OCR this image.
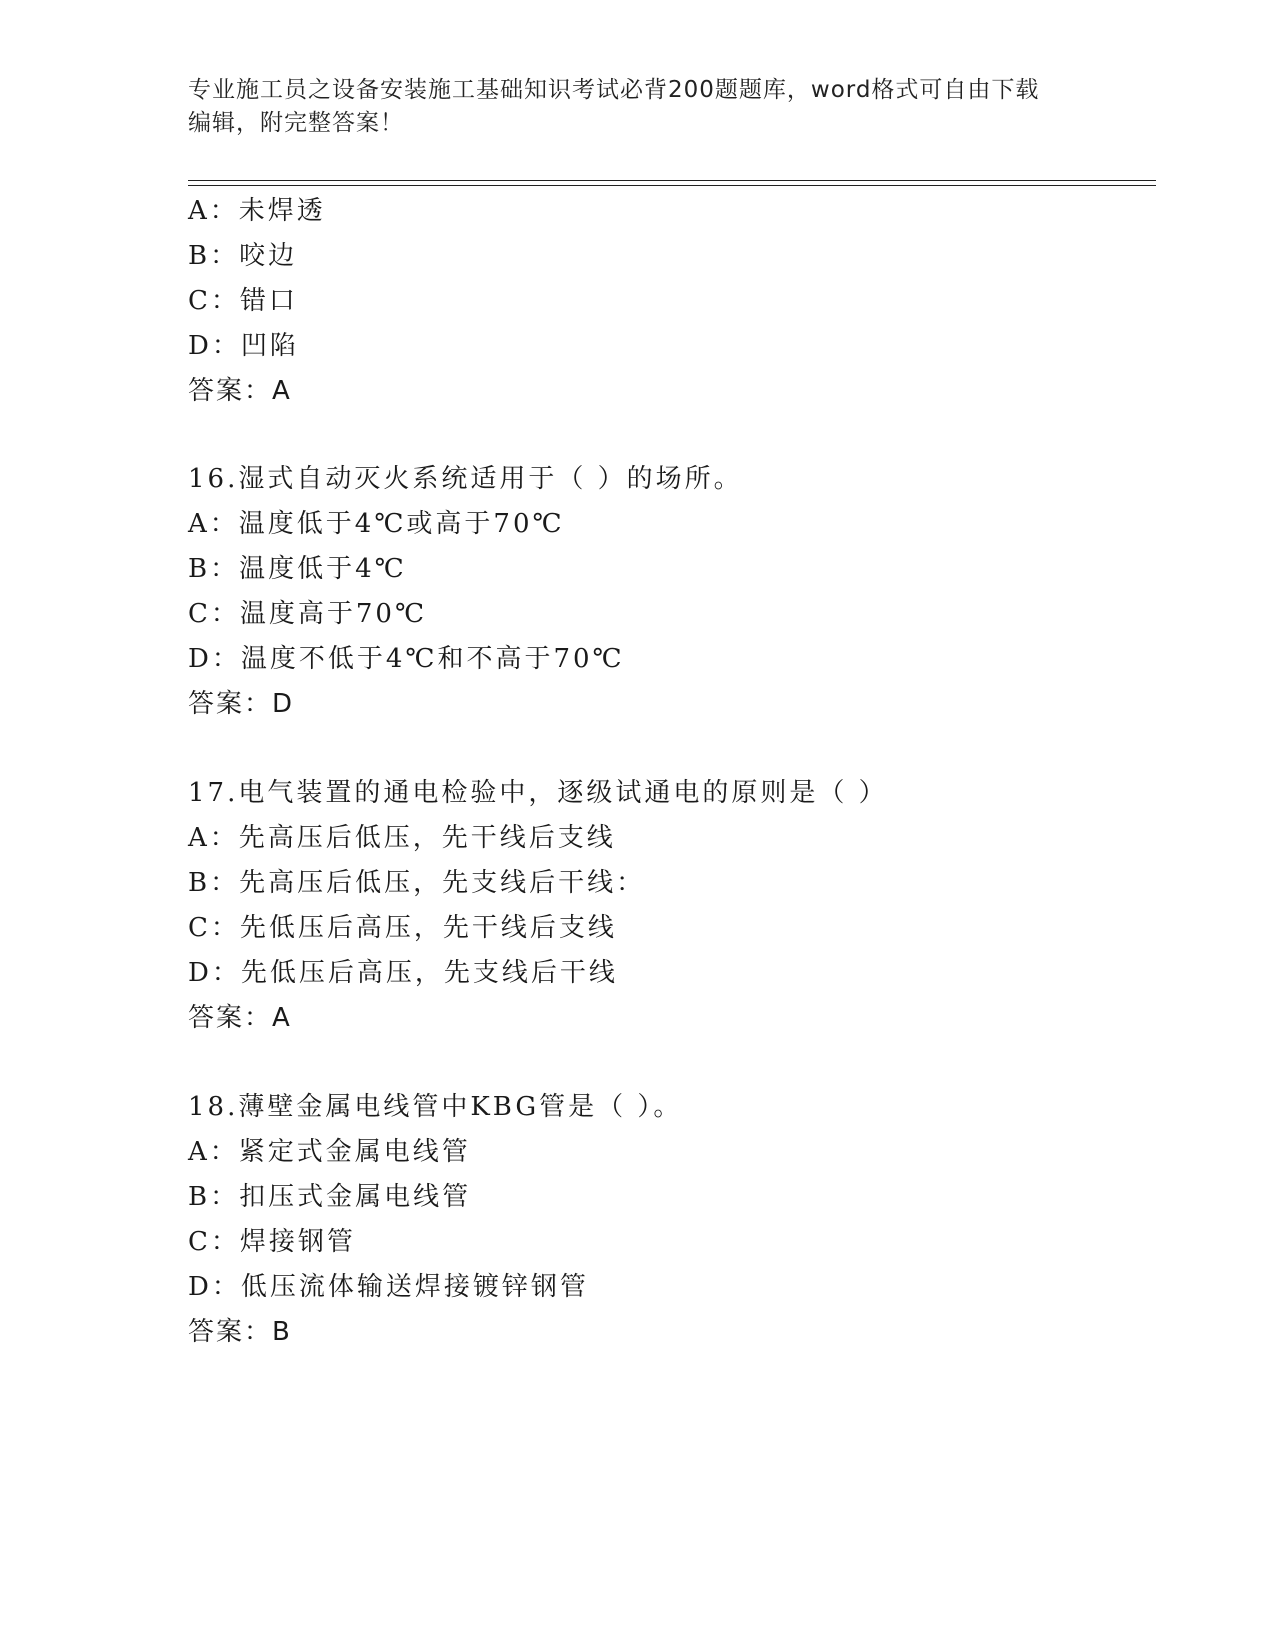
专业施工员之设备安装施工基础知识考试必背200题题库，word格式可自由下载
编辑，附完整答案！
A：未焊透
B：咬边
C：错口
D：凹陷
答案：A
16.湿式自动灭火系统适用于（ ）的场所。
A：温度低于4℃或高于70℃
B：温度低于4℃
C：温度高于70℃
D：温度不低于4℃和不高于70℃
答案：D
17.电气装置的通电检验中，逐级试通电的原则是（ ）
A：先高压后低压，先干线后支线
B：先高压后低压，先支线后干线：
C：先低压后高压，先干线后支线
D：先低压后高压，先支线后干线
答案：A
18.薄壁金属电线管中KBG管是（ ）。
A：紧定式金属电线管
B：扣压式金属电线管
C：焊接钢管
D：低压流体输送焊接镀锌钢管
答案：B
